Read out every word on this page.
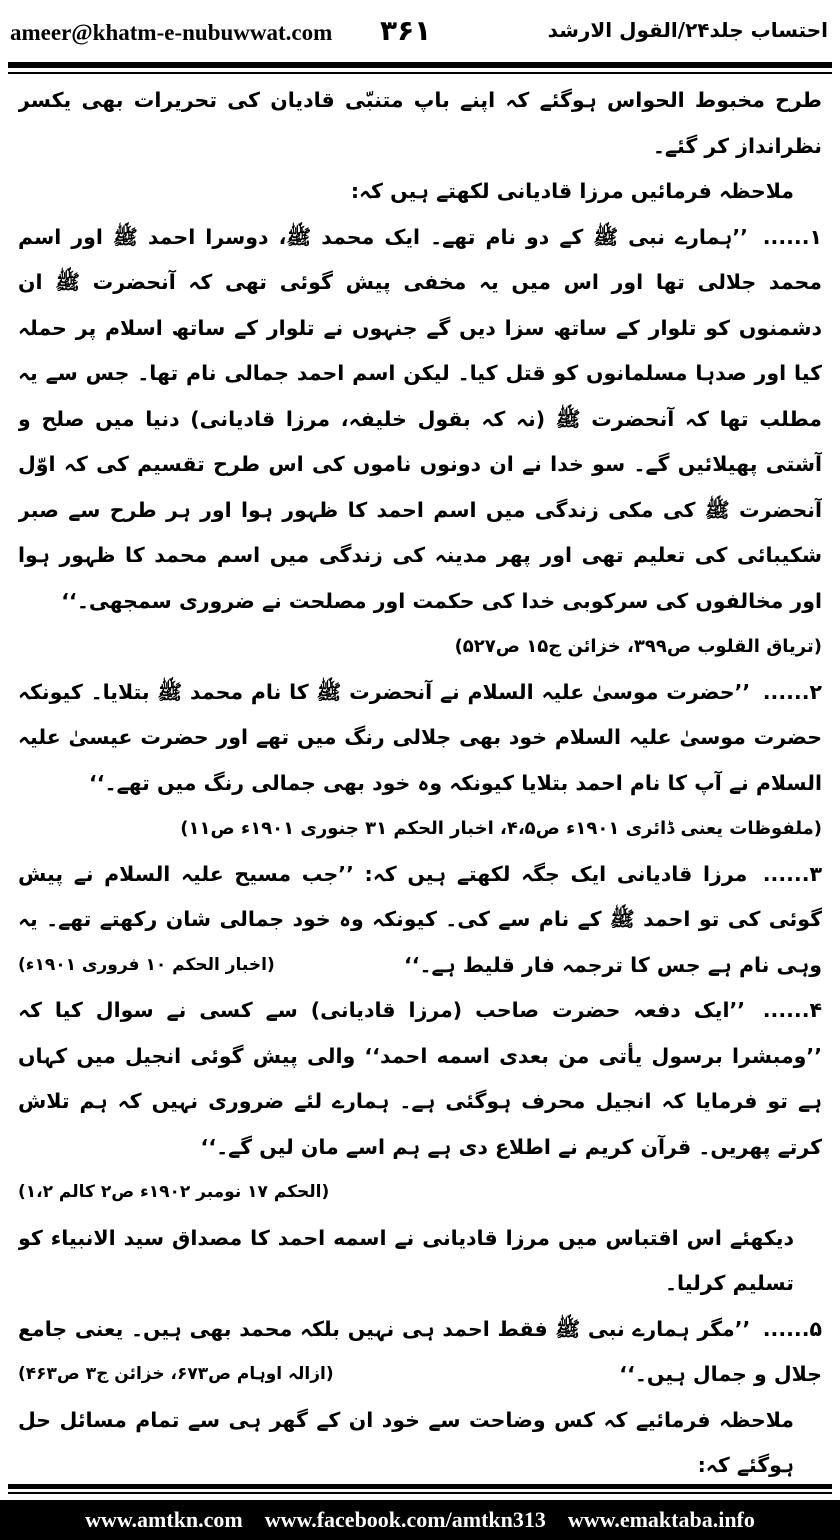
ameer@khatm-e-nubuwwat.com ۳۶۱	احتساب جلد۲۴/القول الارشد

طرح مخبوط الحواس ہوگئے کہ اپنے باپ متنبّی قادیان کی تحریرات بھی یکسر نظرانداز کر گئے۔

ملاحظہ فرمائیں مرزا قادیانی لکھتے ہیں کہ:

۱...... ’’ہمارے نبی ﷺ کے دو نام تھے۔ ایک محمد ﷺ، دوسرا احمد ﷺ اور اسم محمد جلالی تھا اور اس میں یہ مخفی پیش گوئی تھی کہ آنحضرت ﷺ ان دشمنوں کو تلوار کے ساتھ سزا دیں گے جنہوں نے تلوار کے ساتھ اسلام پر حملہ کیا اور صدہا مسلمانوں کو قتل کیا۔ لیکن اسم احمد جمالی نام تھا۔ جس سے یہ مطلب تھا کہ آنحضرت ﷺ (نہ کہ بقول خلیفہ، مرزا قادیانی) دنیا میں صلح و آشتی پھیلائیں گے۔ سو خدا نے ان دونوں ناموں کی اس طرح تقسیم کی کہ اوّل آنحضرت ﷺ کی مکی زندگی میں اسم احمد کا ظہور ہوا اور ہر طرح سے صبر شکیبائی کی تعلیم تھی اور پھر مدینہ کی زندگی میں اسم محمد کا ظہور ہوا اور مخالفوں کی سرکوبی خدا کی حکمت اور مصلحت نے ضروری سمجھی۔‘‘

(تریاق القلوب ص۳۹۹، خزائن ج۱۵ ص۵۲۷)

۲...... ’’حضرت موسیٰ علیہ السلام نے آنحضرت ﷺ کا نام محمد ﷺ بتلایا۔ کیونکہ حضرت موسیٰ علیہ السلام خود بھی جلالی رنگ میں تھے اور حضرت عیسیٰ علیہ السلام نے آپ کا نام احمد بتلایا کیونکہ وہ خود بھی جمالی رنگ میں تھے۔‘‘

(ملفوظات یعنی ڈائری ۱۹۰۱ء ص۴،۵، اخبار الحکم ۳۱ جنوری ۱۹۰۱ء ص۱۱)

۳...... مرزا قادیانی ایک جگہ لکھتے ہیں کہ: ’’جب مسیح علیہ السلام نے پیش گوئی کی تو احمد ﷺ کے نام سے کی۔ کیونکہ وہ خود جمالی شان رکھتے تھے۔ یہ وہی نام ہے جس کا ترجمہ فار قلیط ہے۔‘‘
(اخبار الحکم ۱۰ فروری ۱۹۰۱ء)

۴...... ’’ایک دفعہ حضرت صاحب (مرزا قادیانی) سے کسی نے سوال کیا کہ ’’ومبشرا برسول یأتی من بعدی اسمه احمد‘‘ والی پیش گوئی انجیل میں کہاں ہے تو فرمایا کہ انجیل محرف ہوگئی ہے۔ ہمارے لئے ضروری نہیں کہ ہم تلاش کرتے پھریں۔ قرآن کریم نے اطلاع دی ہے ہم اسے مان لیں گے۔‘‘
(الحکم ۱۷ نومبر ۱۹۰۲ء ص۲ کالم ۱،۲)

دیکھئے اس اقتباس میں مرزا قادیانی نے اسمه احمد کا مصداق سید الانبیاء کو تسلیم کرلیا۔

۵...... ’’مگر ہمارے نبی ﷺ فقط احمد ہی نہیں بلکہ محمد بھی ہیں۔ یعنی جامع جلال و جمال ہیں۔‘‘
(ازالہ اوہام ص۶۷۳، خزائن ج۳ ص۴۶۳)

ملاحظہ فرمائیے کہ کس وضاحت سے خود ان کے گھر ہی سے تمام مسائل حل ہوگئے کہ:

www.amtkn.com www.facebook.com/amtkn313 www.emaktaba.info
